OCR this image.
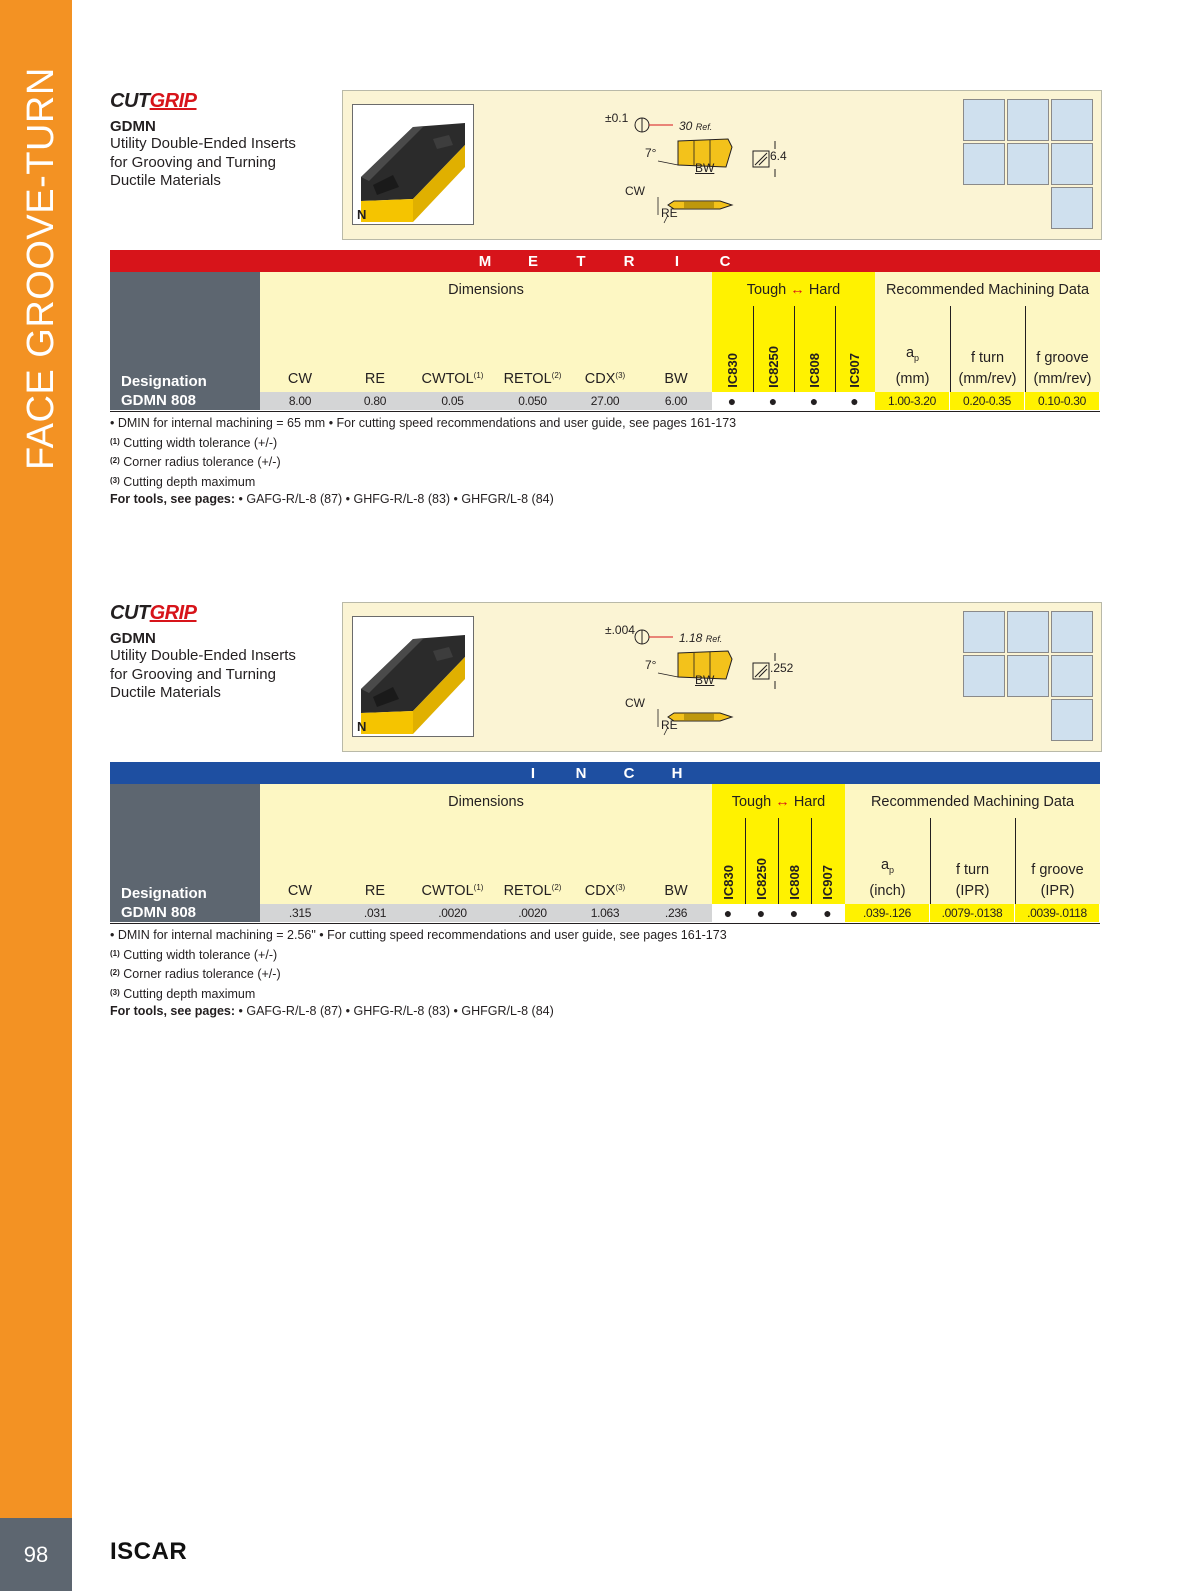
FACE GROOVE-TURN
98	ISCAR
CUTGRIP
GDMN
Utility Double-Ended Inserts
for Grooving and Turning
Ductile Materials
N
±0.1
30 Ref.
7°
BW
CW
RE
6.4
M	E	T	R	I	C
Designation
Dimensions
CW	RE	CWTOL$^{(1)}$	RETOL$^{(2)}$	CDX$^{(3)}$	BW
Tough ↔ Hard
IC830 IC8250 IC808 IC907
Recommended Machining Data
$a_p$
(mm)
f turn
(mm/rev)
f groove
(mm/rev)
GDMN 808	8.00	0.80	0.05	0.050	27.00	6.00	●	●	●	●	1.00-3.20	0.20-0.35	0.10-0.30
• DMIN for internal machining = 65 mm • For cutting speed recommendations and user guide, see pages 161-173
$^{(1)}$ Cutting width tolerance (+/-)
$^{(2)}$ Corner radius tolerance (+/-)
$^{(3)}$ Cutting depth maximum
For tools, see pages: • GAFG-R/L-8 (87) • GHFG-R/L-8 (83) • GHFGR/L-8 (84)
CUTGRIP
GDMN
Utility Double-Ended Inserts
for Grooving and Turning
Ductile Materials
N
±.004
1.18 Ref.
7°
BW
CW
RE
.252
I	N	C	H
Designation
Dimensions
CW	RE	CWTOL$^{(1)}$	RETOL$^{(2)}$	CDX$^{(3)}$	BW
Tough ↔ Hard
IC830 IC8250 IC808 IC907
Recommended Machining Data
$a_p$
(inch)
f turn
(IPR)
f groove
(IPR)
GDMN 808	.315	.031	.0020	.0020	1.063	.236	●	●	●	●	.039-.126	.0079-.0138	.0039-.0118
• DMIN for internal machining = 2.56" • For cutting speed recommendations and user guide, see pages 161-173
$^{(1)}$ Cutting width tolerance (+/-)
$^{(2)}$ Corner radius tolerance (+/-)
$^{(3)}$ Cutting depth maximum
For tools, see pages: • GAFG-R/L-8 (87) • GHFG-R/L-8 (83) • GHFGR/L-8 (84)
